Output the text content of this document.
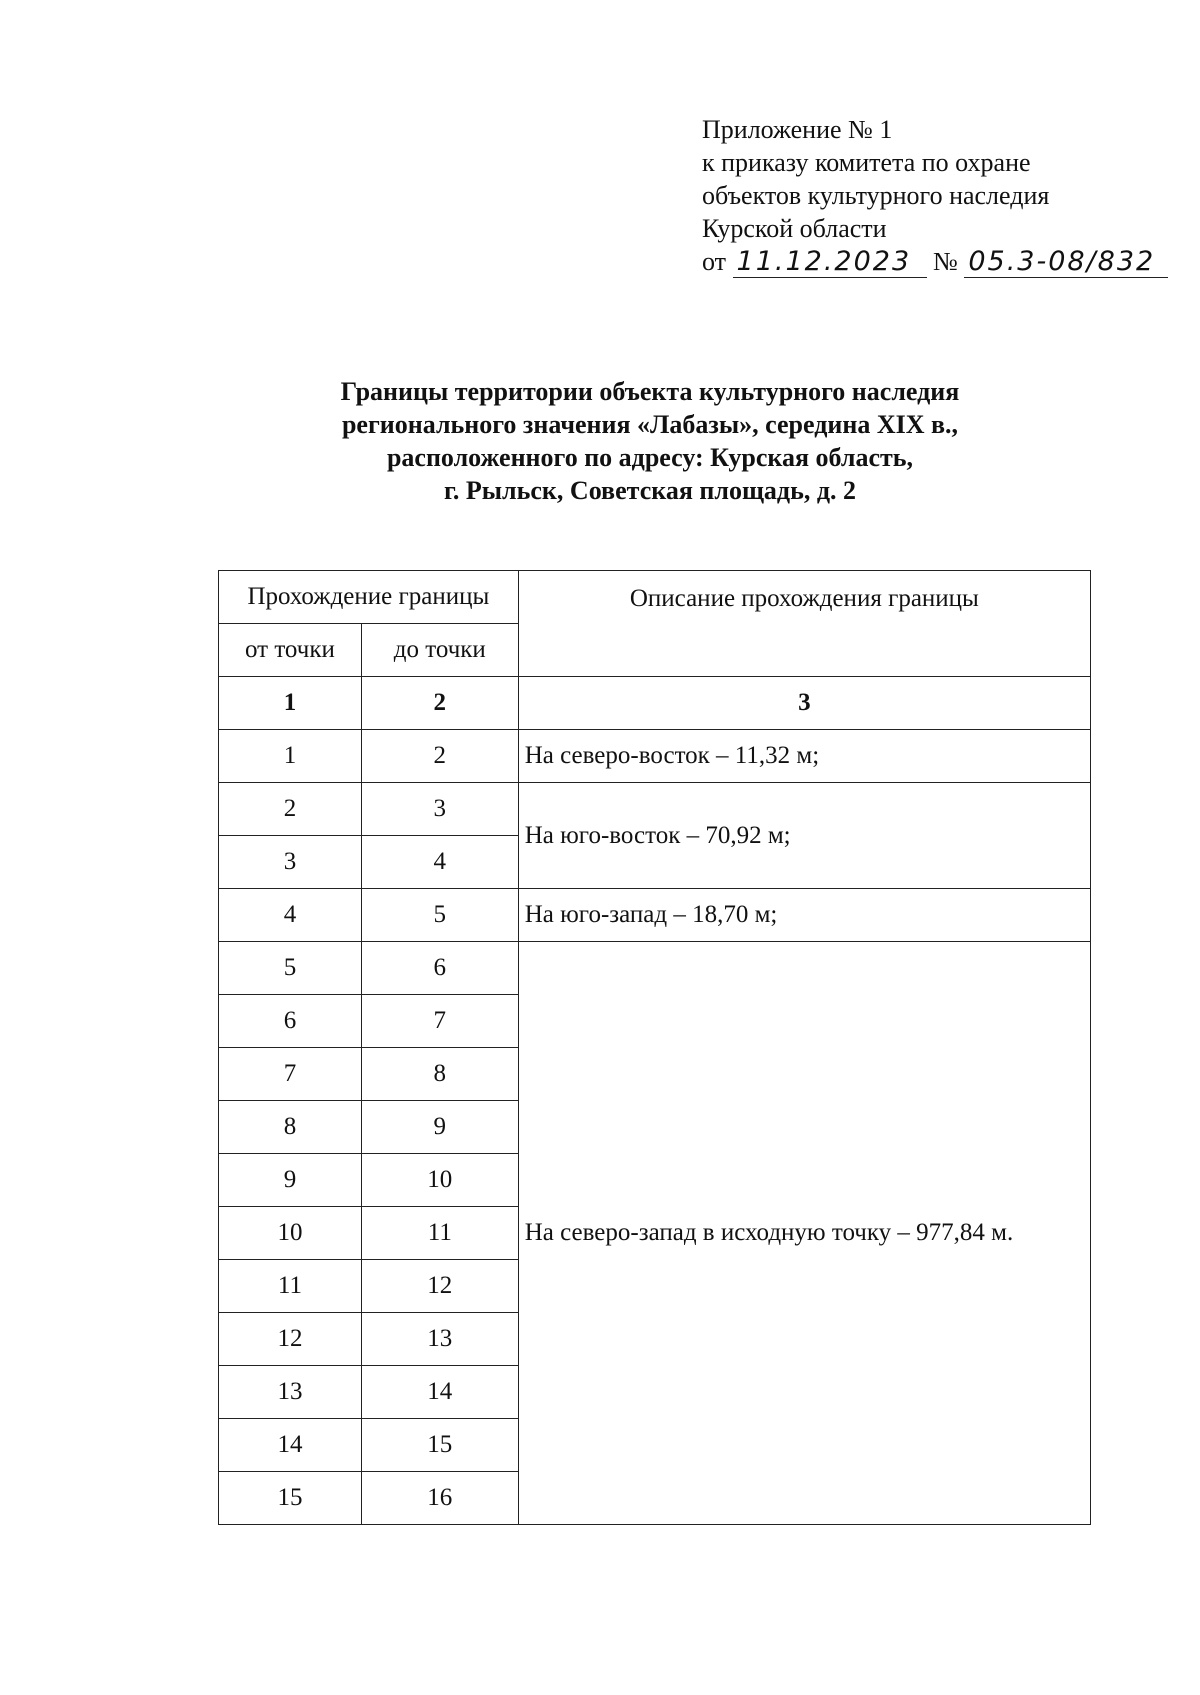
Приложение № 1
к приказу комитета по охране
объектов культурного наследия
Курской области
от 11.12.2023 № 05.3-08/832
Границы территории объекта культурного наследия
регионального значения «Лабазы», середина XIX в.,
расположенного по адресу: Курская область,
г. Рыльск, Советская площадь, д. 2
Прохождение границы		Описание прохождения границы
от точки	до точки	
1	2	3
1	2	На северо-восток – 11,32 м;
2	3	На юго-восток – 70,92 м;
3	4	
4	5	На юго-запад – 18,70 м;
5	6	На северо-запад в исходную точку – 977,84 м.
6	7	
7	8	
8	9	
9	10	
10	11	
11	12	
12	13	
13	14	
14	15	
15	16	
